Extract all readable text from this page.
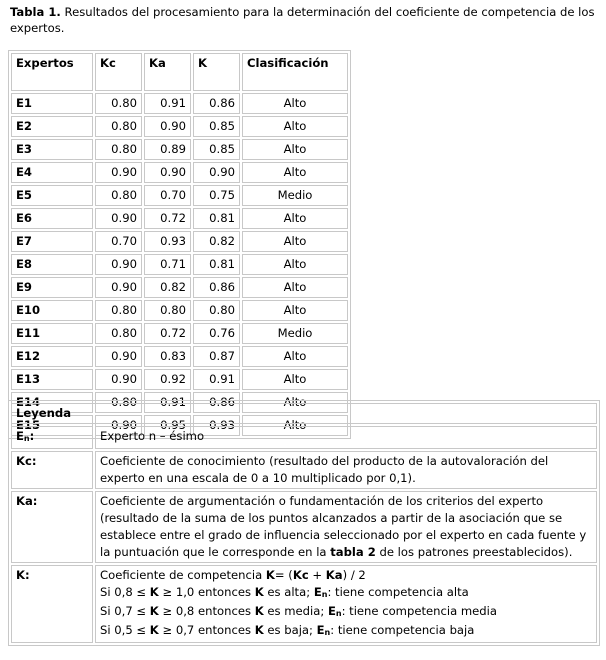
Tabla 1. Resultados del procesamiento para la determinación del coeficiente de competencia de los expertos.
Expertos	Kc	Ka	K	Clasificación
E1	0.80	0.91	0.86	Alto
E2	0.80	0.90	0.85	Alto
E3	0.80	0.89	0.85	Alto
E4	0.90	0.90	0.90	Alto
E5	0.80	0.70	0.75	Medio
E6	0.90	0.72	0.81	Alto
E7	0.70	0.93	0.82	Alto
E8	0.90	0.71	0.81	Alto
E9	0.90	0.82	0.86	Alto
E10	0.80	0.80	0.80	Alto
E11	0.80	0.72	0.76	Medio
E12	0.90	0.83	0.87	Alto
E13	0.90	0.92	0.91	Alto
E14	0.80	0.91	0.86	Alto
E15	0.90	0.95	0.93	Alto
Leyenda	
$E_n$:	Experto n – ésimo

Kc:	Coeficiente de conocimiento (resultado del producto de la autovaloración del experto en una escala de 0 a 10 multiplicado por 0,1).

Ka:	Coeficiente de argumentación o fundamentación de los criterios del experto (resultado de la suma de los puntos alcanzados a partir de la asociación que se establece entre el grado de influencia seleccionado por el experto en cada fuente y la puntuación que le corresponde en la tabla 2 de los patrones preestablecidos).

K:	Coeficiente de competencia K= (Kc + Ka) / 2
Si 0,8 ≤ K ≥ 1,0 entonces K es alta; $E_n$: tiene competencia alta
Si 0,7 ≤ K ≥ 0,8 entonces K es media; $E_n$: tiene competencia media
Si 0,5 ≤ K ≥ 0,7 entonces K es baja; $E_n$: tiene competencia baja
